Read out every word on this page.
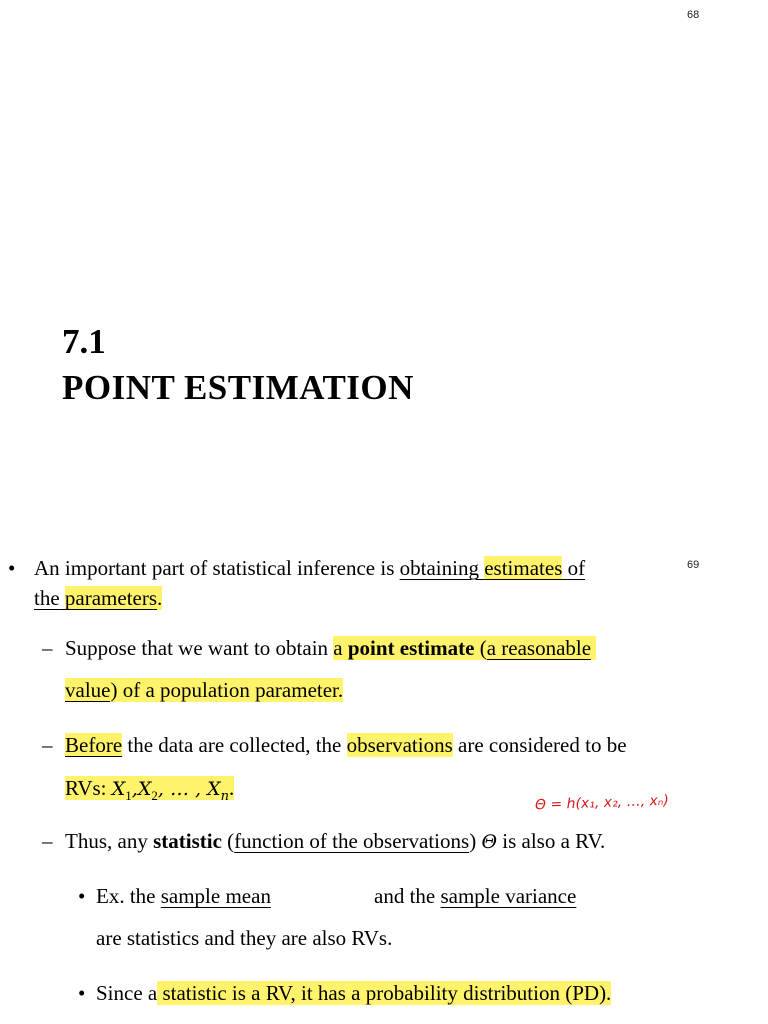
68
69
7.1
POINT ESTIMATION
• An important part of statistical inference is obtaining estimates of
the parameters.
– Suppose that we want to obtain a point estimate (a reasonable
value) of a population parameter.
– Before the data are collected, the observations are considered to be
RVs: $X_1,X_2$, … , $X_n$.
Θ = h(x₁, x₂, …, xₙ)
– Thus, any statistic (function of the observations) Θ is also a RV.
• Ex. the sample mean	and the sample variance
are statistics and they are also RVs.
• Since a statistic is a RV, it has a probability distribution (PD).
